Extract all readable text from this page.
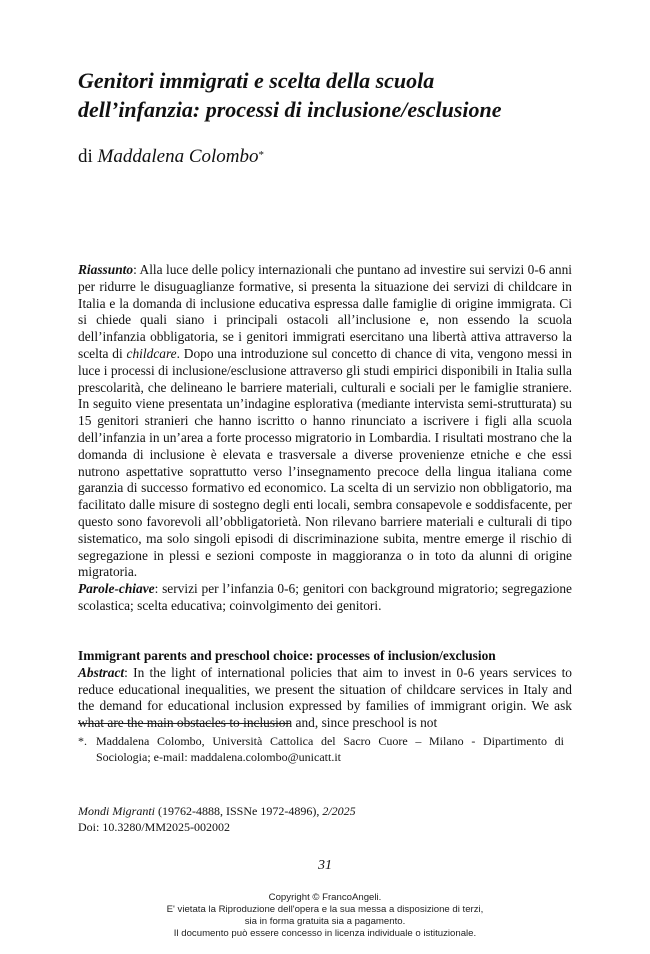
Genitori immigrati e scelta della scuola
dell’infanzia: processi di inclusione/esclusione
di Maddalena Colombo*

Riassunto: Alla luce delle policy internazionali che puntano ad investire sui servizi 0-6 anni per ridurre le disuguaglianze formative, si presenta la situazione dei servizi di childcare in Italia e la domanda di inclusione educativa espressa dalle famiglie di origine immigrata. Ci si chiede quali siano i principali ostacoli all’inclusione e, non essendo la scuola dell’infanzia obbligatoria, se i genitori immigrati esercitano una libertà attiva attraverso la scelta di childcare. Dopo una introduzione sul concetto di chance di vita, vengono messi in luce i processi di inclusione/esclusione attraverso gli studi empirici disponibili in Italia sulla prescolarità, che delineano le barriere materiali, culturali e sociali per le famiglie straniere. In seguito viene presentata un’indagine esplorativa (mediante intervista semi-strutturata) su 15 genitori stranieri che hanno iscritto o hanno rinunciato a iscrivere i figli alla scuola dell’infanzia in un’area a forte processo migratorio in Lombardia. I risultati mostrano che la domanda di inclusione è elevata e trasversale a diverse provenienze etniche e che essi nutrono aspettative soprattutto verso l’insegnamento precoce della lingua italiana come garanzia di successo formativo ed economico. La scelta di un servizio non obbligatorio, ma facilitato dalle misure di sostegno degli enti locali, sembra consapevole e soddisfacente, per questo sono favorevoli all’obbligatorietà. Non rilevano barriere materiali e culturali di tipo sistematico, ma solo singoli episodi di discriminazione subita, mentre emerge il rischio di segregazione in plessi e sezioni composte in maggioranza o in toto da alunni di origine migratoria.

Parole-chiave: servizi per l’infanzia 0-6; genitori con background migratorio; segregazione scolastica; scelta educativa; coinvolgimento dei genitori.

Immigrant parents and preschool choice: processes of inclusion/exclusion
Abstract: In the light of international policies that aim to invest in 0-6 years services to reduce educational inequalities, we present the situation of childcare services in Italy and the demand for educational inclusion expressed by families of immigrant origin. We ask what are the main obstacles to inclusion and, since preschool is not

*. Maddalena Colombo, Università Cattolica del Sacro Cuore – Milano - Dipartimento di Sociologia; e-mail: maddalena.colombo@unicatt.it
Mondi Migranti (19762-4888, ISSNe 1972-4896), 2/2025
Doi: 10.3280/MM2025-002002
31
Copyright © FrancoAngeli.
E' vietata la Riproduzione dell'opera e la sua messa a disposizione di terzi,
sia in forma gratuita sia a pagamento.
Il documento può essere concesso in licenza individuale o istituzionale.
